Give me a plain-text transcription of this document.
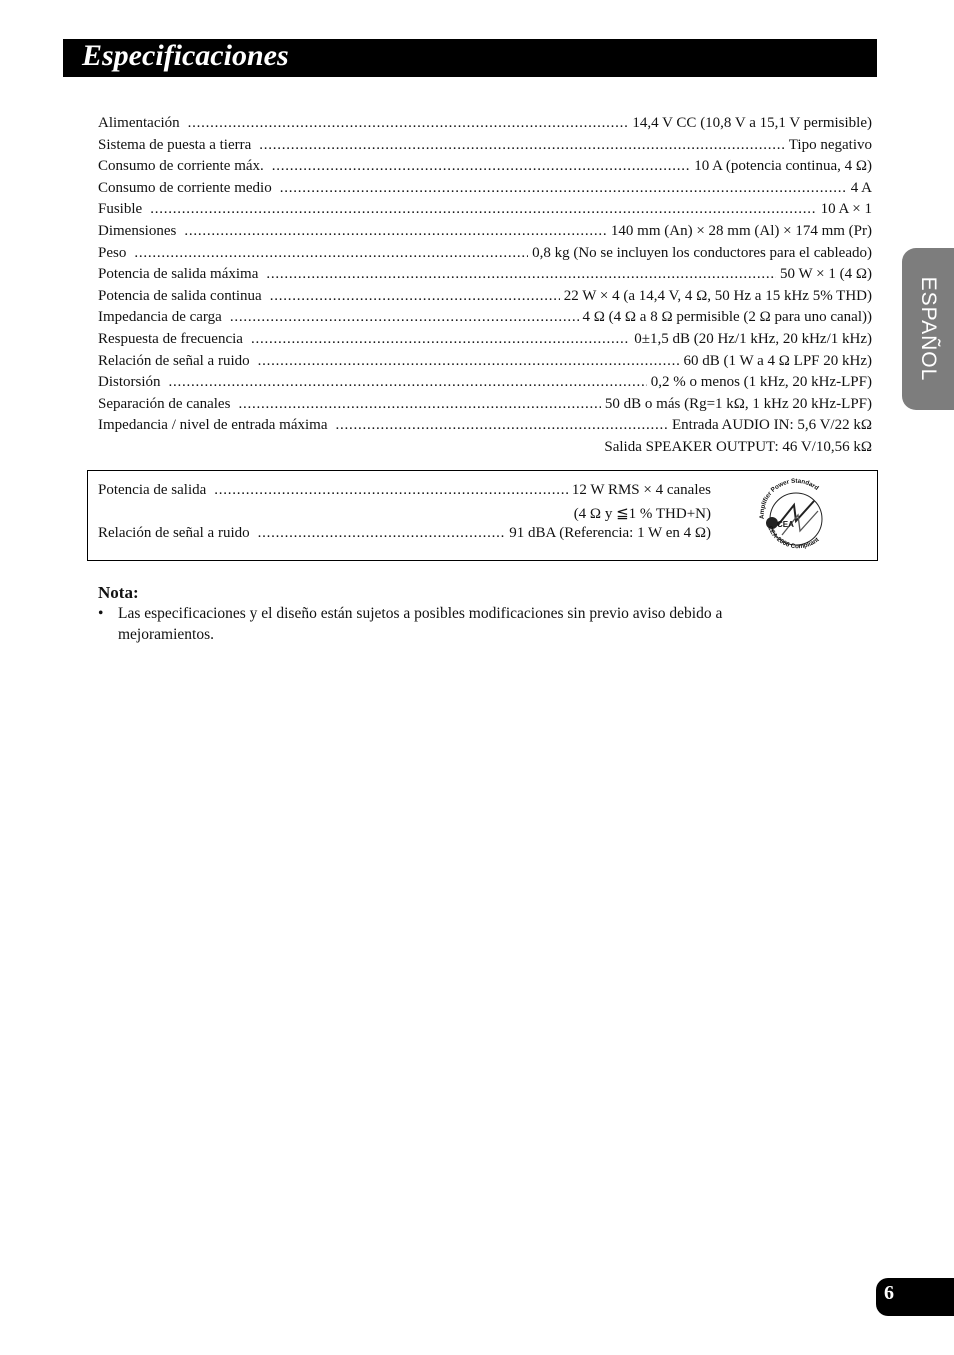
Especificaciones
Alimentación . . .	14,4 V CC (10,8 V a 15,1 V permisible)
Sistema de puesta a tierra . . .	Tipo negativo
Consumo de corriente máx. . . .	10 A (potencia continua, 4 Ω)
Consumo de corriente medio . . .	4 A
Fusible . . .	10 A × 1
Dimensiones . . .	140 mm (An) × 28 mm (Al) × 174 mm (Pr)
Peso . . .	0,8 kg (No se incluyen los conductores para el cableado)
Potencia de salida máxima . . .	50 W × 1 (4 Ω)
Potencia de salida continua . . .	22 W × 4 (a 14,4 V, 4 Ω, 50 Hz a 15 kHz 5% THD)
Impedancia de carga . . .	4 Ω (4 Ω a 8 Ω permisible (2 Ω para uno canal))
Respuesta de frecuencia . . .	0±1,5 dB (20 Hz/1 kHz, 20 kHz/1 kHz)
Relación de señal a ruido . . .	60 dB (1 W a 4 Ω LPF 20 kHz)
Distorsión . . .	0,2 % o menos (1 kHz, 20 kHz-LPF)
Separación de canales . . .	50 dB o más (Rg=1 kΩ, 1 kHz 20 kHz-LPF)
Impedancia / nivel de entrada máxima . . .	Entrada AUDIO IN: 5,6 V/22 kΩ
Salida SPEAKER OUTPUT: 46 V/10,56 kΩ
Potencia de salida . . .	12 W RMS × 4 canales
(4 Ω y ≦1 % THD+N)
Relación de señal a ruido . . .	91 dBA (Referencia: 1 W en 4 Ω)
CEA
Amplifier Power Standard
CEA-2006 Compliant
Nota:
• Las especificaciones y el diseño están sujetos a posibles modificaciones sin previo aviso debido a mejoramientos.
ESPAÑOL
6
